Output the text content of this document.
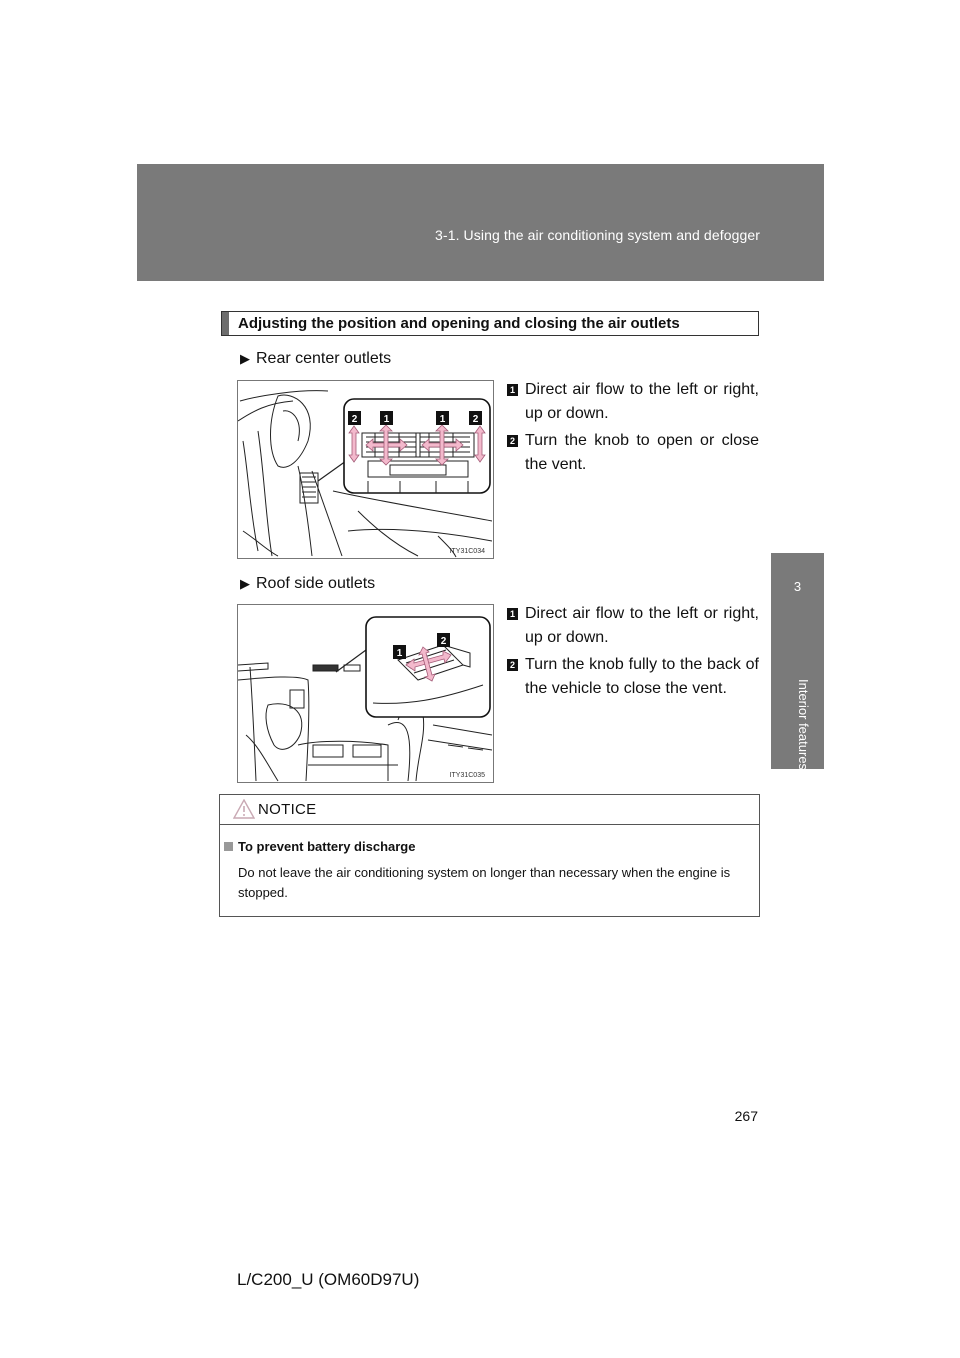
3-1. Using the air conditioning system and defogger
3
Interior features
Adjusting the position and opening and closing the air outlets
▶ Rear center outlets
2	1	1	2
ITY31C034
1 Direct air flow to the left or right, up or down.
2 Turn the knob to open or close the vent.
▶ Roof side outlets
1
2
ITY31C035
1 Direct air flow to the left or right, up or down.
2 Turn the knob fully to the back of the vehicle to close the vent.
NOTICE
To prevent battery discharge
Do not leave the air conditioning system on longer than necessary when the engine is stopped.
267
L/C200_U (OM60D97U)
